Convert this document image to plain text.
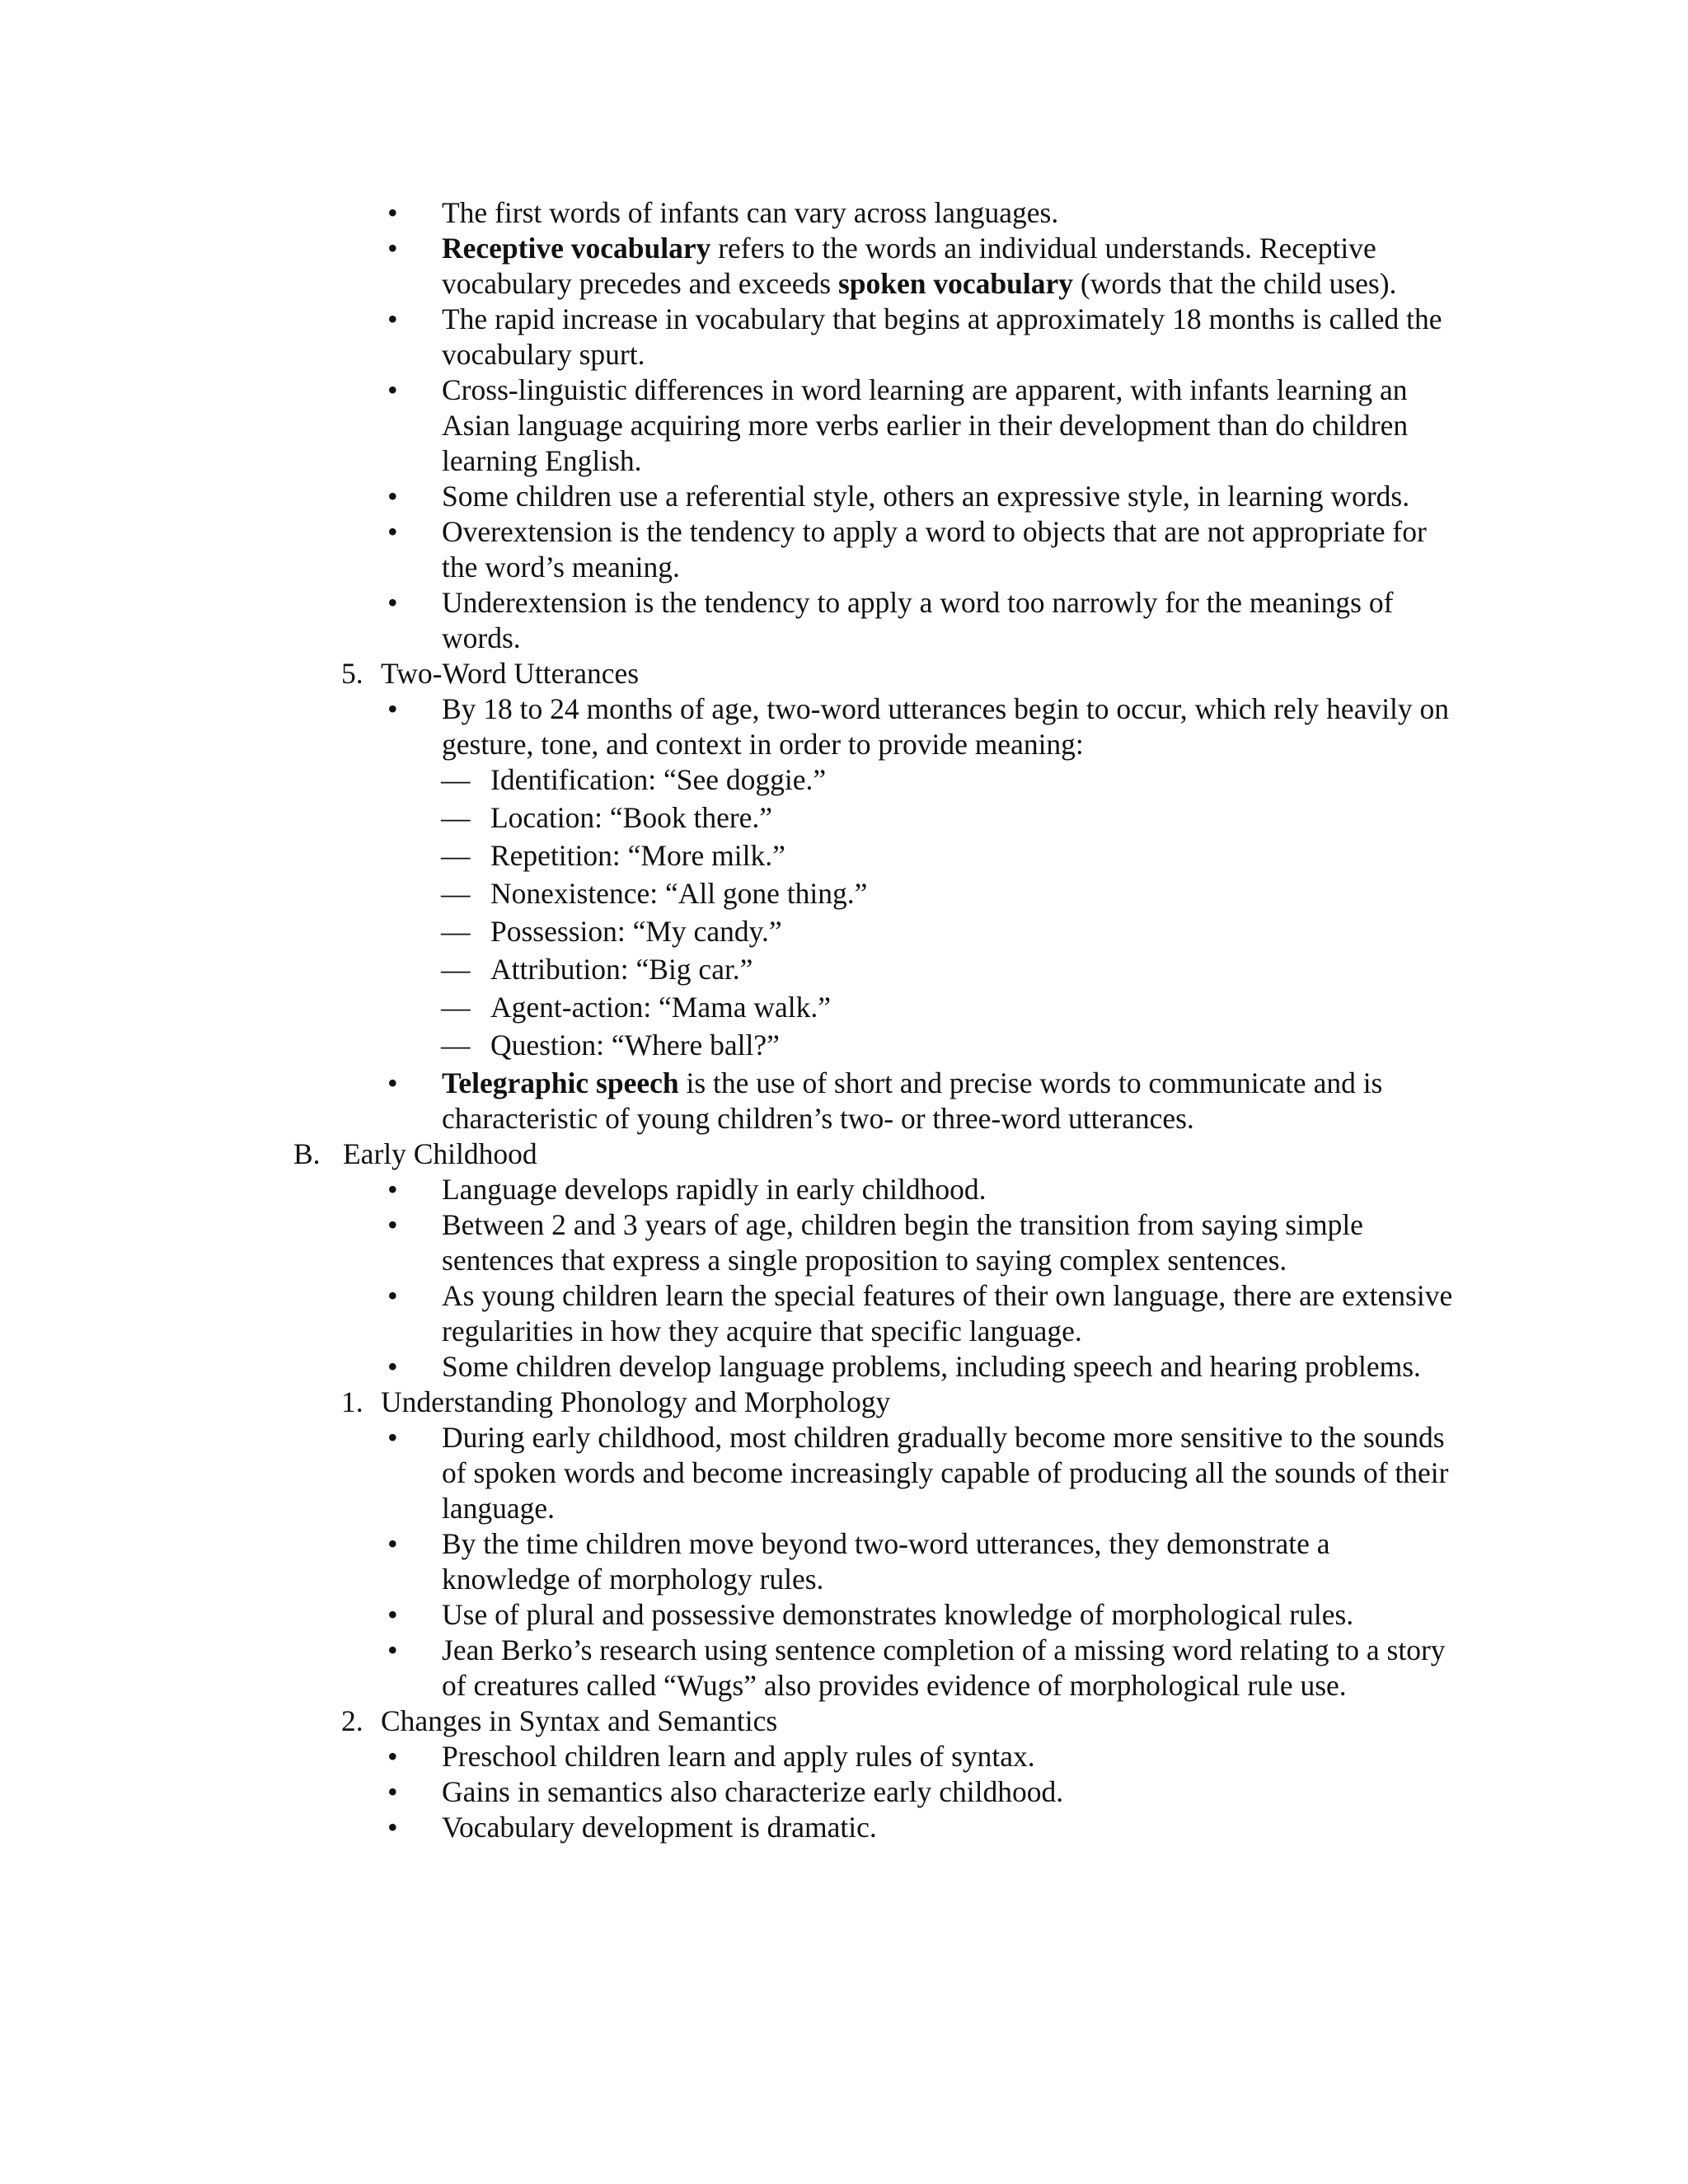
• The first words of infants can vary across languages.
• Receptive vocabulary refers to the words an individual understands. Receptive vocabulary precedes and exceeds spoken vocabulary (words that the child uses).
• The rapid increase in vocabulary that begins at approximately 18 months is called the vocabulary spurt.
• Cross-linguistic differences in word learning are apparent, with infants learning an Asian language acquiring more verbs earlier in their development than do children learning English.
• Some children use a referential style, others an expressive style, in learning words.
• Overextension is the tendency to apply a word to objects that are not appropriate for the word’s meaning.
• Underextension is the tendency to apply a word too narrowly for the meanings of words.
5. Two-Word Utterances
• By 18 to 24 months of age, two-word utterances begin to occur, which rely heavily on gesture, tone, and context in order to provide meaning:
— Identification: “See doggie.”
— Location: “Book there.”
— Repetition: “More milk.”
— Nonexistence: “All gone thing.”
— Possession: “My candy.”
— Attribution: “Big car.”
— Agent-action: “Mama walk.”
— Question: “Where ball?”
• Telegraphic speech is the use of short and precise words to communicate and is characteristic of young children’s two- or three-word utterances.
B. Early Childhood
• Language develops rapidly in early childhood.
• Between 2 and 3 years of age, children begin the transition from saying simple sentences that express a single proposition to saying complex sentences.
• As young children learn the special features of their own language, there are extensive regularities in how they acquire that specific language.
• Some children develop language problems, including speech and hearing problems.
1. Understanding Phonology and Morphology
• During early childhood, most children gradually become more sensitive to the sounds of spoken words and become increasingly capable of producing all the sounds of their language.
• By the time children move beyond two-word utterances, they demonstrate a knowledge of morphology rules.
• Use of plural and possessive demonstrates knowledge of morphological rules.
• Jean Berko’s research using sentence completion of a missing word relating to a story of creatures called “Wugs” also provides evidence of morphological rule use.
2. Changes in Syntax and Semantics
• Preschool children learn and apply rules of syntax.
• Gains in semantics also characterize early childhood.
• Vocabulary development is dramatic.
